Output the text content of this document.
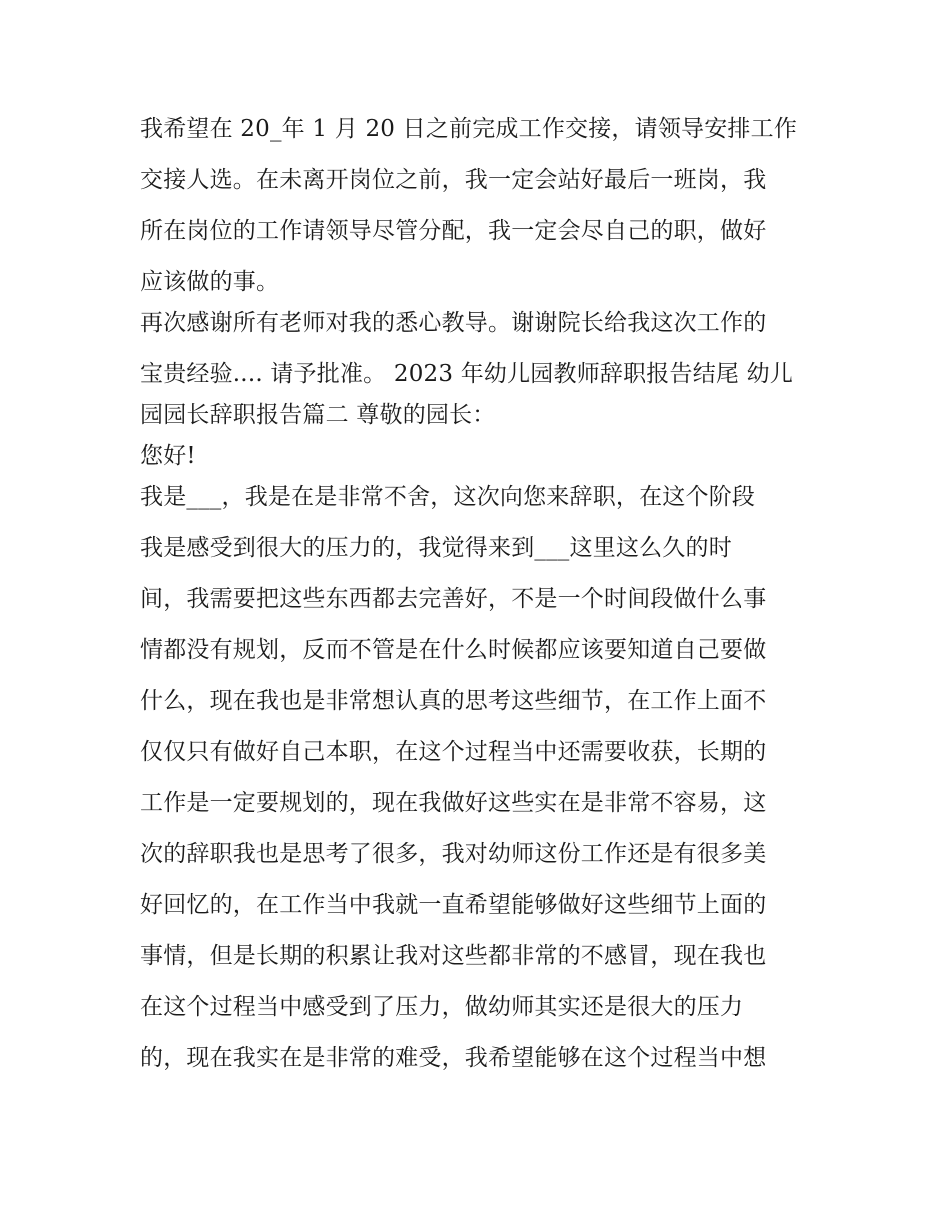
我希望在 20_年 1 月 20 日之前完成工作交接，请领导安排工作
交接人选。在未离开岗位之前，我一定会站好最后一班岗，我
所在岗位的工作请领导尽管分配，我一定会尽自己的职，做好
应该做的事。
再次感谢所有老师对我的悉心教导。谢谢院长给我这次工作的
宝贵经验.... 请予批准。 2023 年幼儿园教师辞职报告结尾 幼儿
园园长辞职报告篇二 尊敬的园长：
您好!
我是___，我是在是非常不舍，这次向您来辞职，在这个阶段
我是感受到很大的压力的，我觉得来到___这里这么久的时
间，我需要把这些东西都去完善好，不是一个时间段做什么事
情都没有规划，反而不管是在什么时候都应该要知道自己要做
什么，现在我也是非常想认真的思考这些细节，在工作上面不
仅仅只有做好自己本职，在这个过程当中还需要收获，长期的
工作是一定要规划的，现在我做好这些实在是非常不容易，这
次的辞职我也是思考了很多，我对幼师这份工作还是有很多美
好回忆的，在工作当中我就一直希望能够做好这些细节上面的
事情，但是长期的积累让我对这些都非常的不感冒，现在我也
在这个过程当中感受到了压力，做幼师其实还是很大的压力
的，现在我实在是非常的难受，我希望能够在这个过程当中想
